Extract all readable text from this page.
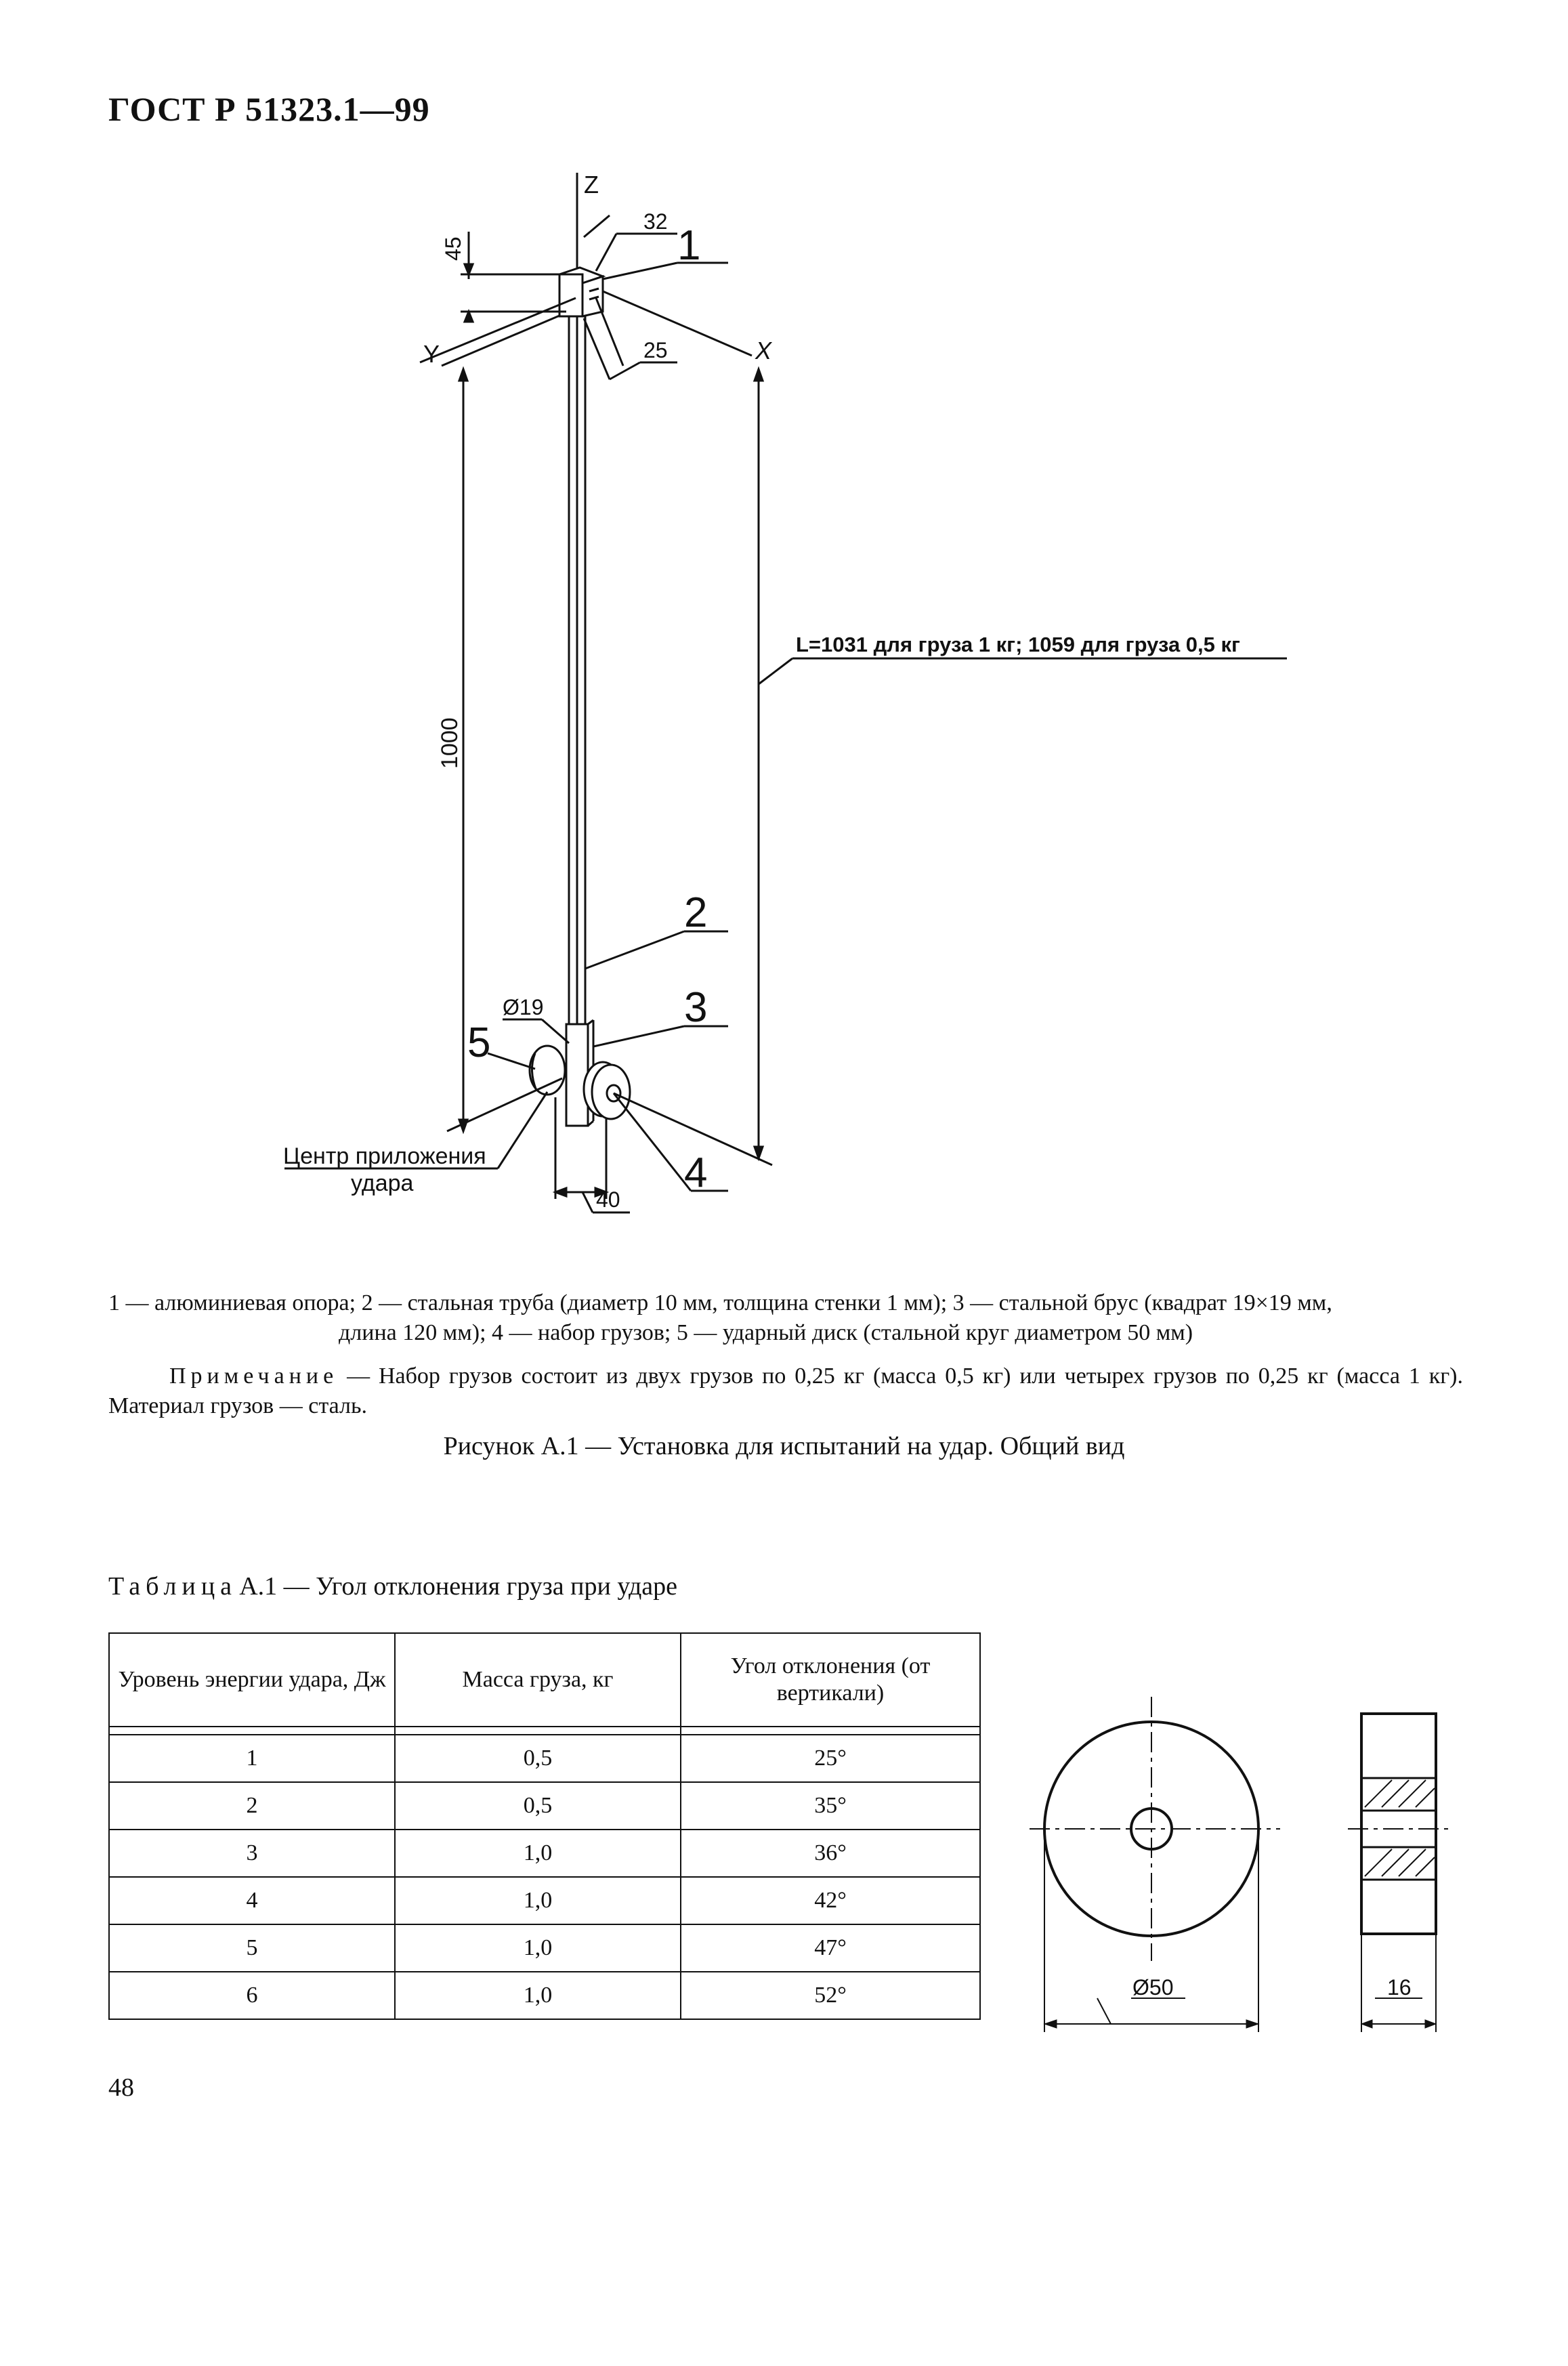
ГОСТ Р 51323.1—99
Z
Y	X
45
32
25
1000
L=1031 для груза 1 кг; 1059 для груза 0,5 кг
Ø19
40
Центр приложения
удара
1
2
3
4
5
Ø50	16
1 — алюминиевая опора; 2 — стальная труба (диаметр 10 мм, толщина стенки 1 мм); 3 — стальной брус (квадрат 19×19 мм,

длина 120 мм); 4 — набор грузов; 5 — ударный диск (стальной круг диаметром 50 мм)
Примечание — Набор грузов состоит из двух грузов по 0,25 кг (масса 0,5 кг) или четырех грузов по 0,25 кг (масса 1 кг). Материал грузов — сталь.
Рисунок А.1 — Установка для испытаний на удар. Общий вид
Таблица А.1 — Угол отклонения груза при ударе
Уровень энергии удара, Дж	Масса груза, кг	Угол отклонения (от вертикали)

1	0,5	25°
2	0,5	35°
3	1,0	36°
4	1,0	42°
5	1,0	47°
6	1,0	52°
48
